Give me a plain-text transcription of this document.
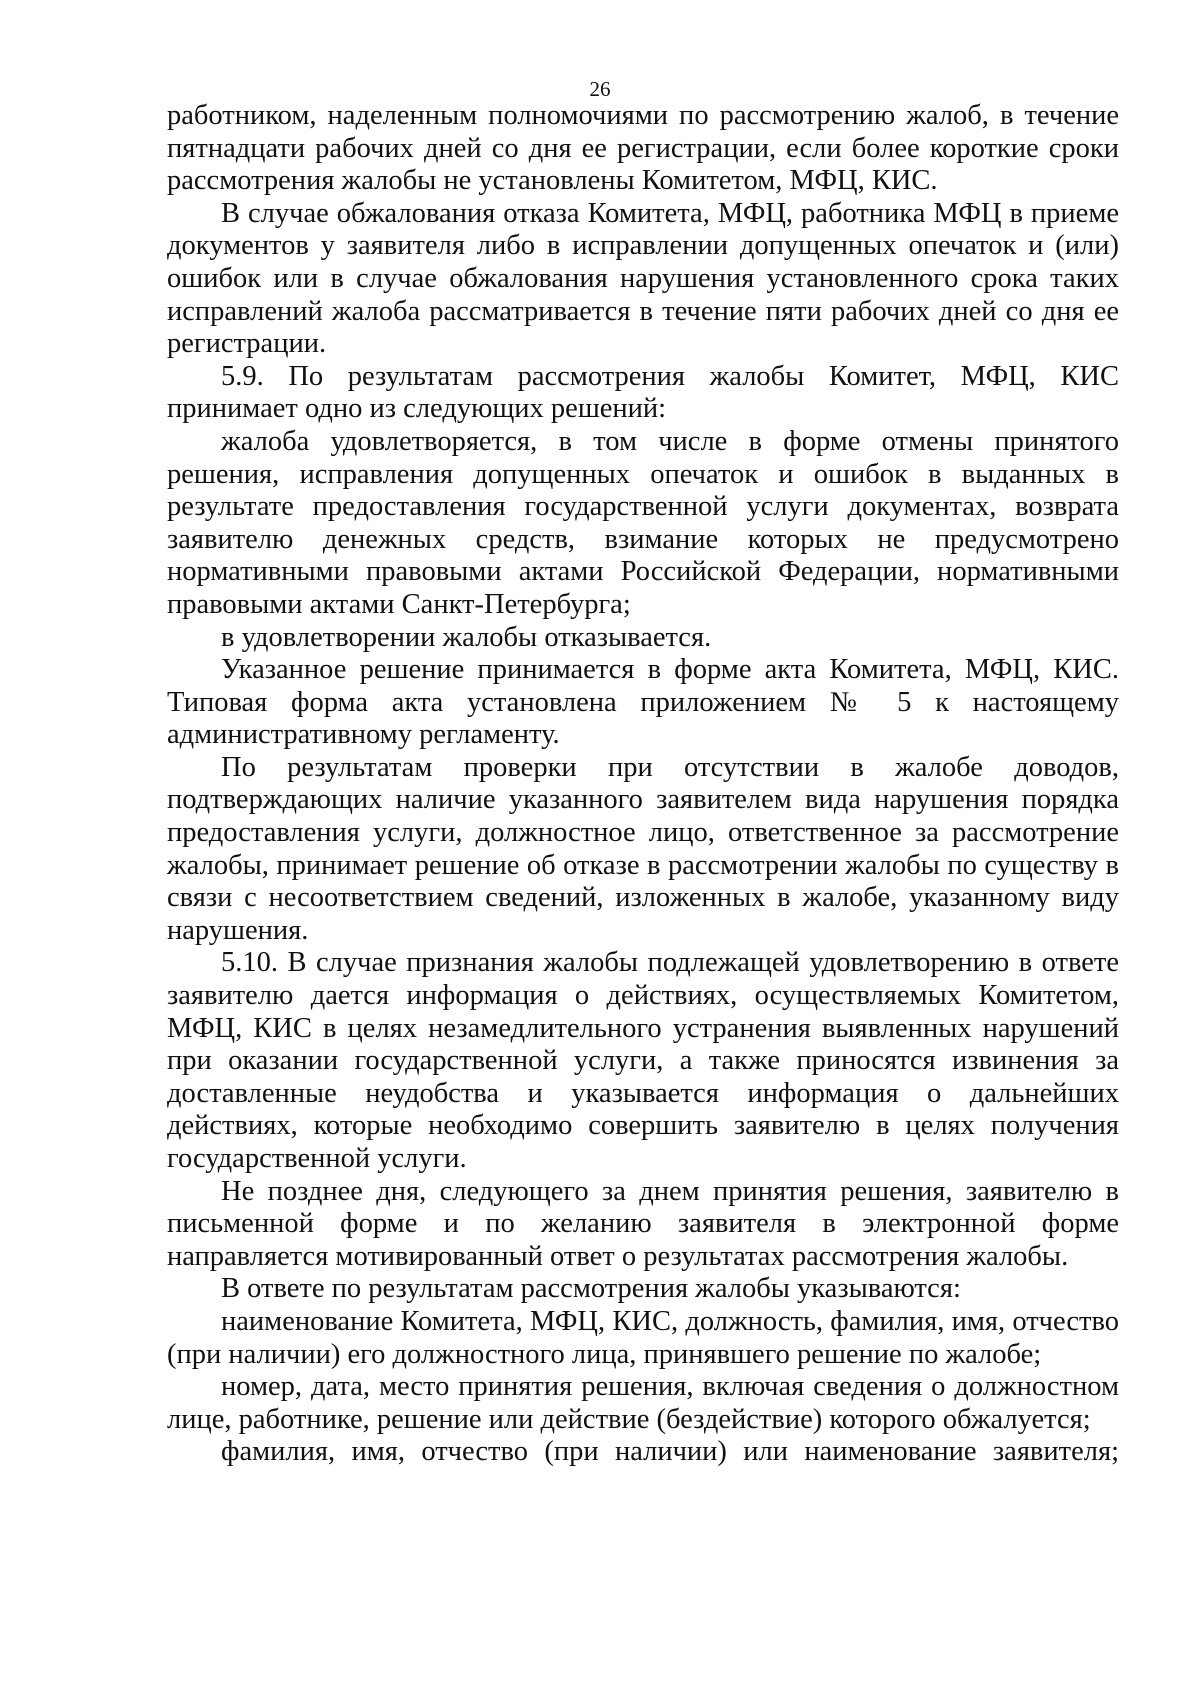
26

работником, наделенным полномочиями по рассмотрению жалоб, в течение пятнадцати рабочих дней со дня ее регистрации, если более короткие сроки рассмотрения жалобы не установлены Комитетом, МФЦ, КИС.

В случае обжалования отказа Комитета, МФЦ, работника МФЦ в приеме документов у заявителя либо в исправлении допущенных опечаток и (или) ошибок или в случае обжалования нарушения установленного срока таких исправлений жалоба рассматривается в течение пяти рабочих дней со дня ее регистрации.

5.9. По результатам рассмотрения жалобы Комитет, МФЦ, КИС принимает одно из следующих решений:

жалоба удовлетворяется, в том числе в форме отмены принятого решения, исправления допущенных опечаток и ошибок в выданных в результате предоставления государственной услуги документах, возврата заявителю денежных средств, взимание которых не предусмотрено нормативными правовыми актами Российской Федерации, нормативными правовыми актами Санкт-Петербурга;

в удовлетворении жалобы отказывается.

Указанное решение принимается в форме акта Комитета, МФЦ, КИС. Типовая форма акта установлена приложением № 5 к настоящему административному регламенту.

По результатам проверки при отсутствии в жалобе доводов, подтверждающих наличие указанного заявителем вида нарушения порядка предоставления услуги, должностное лицо, ответственное за рассмотрение жалобы, принимает решение об отказе в рассмотрении жалобы по существу в связи с несоответствием сведений, изложенных в жалобе, указанному виду нарушения.

5.10. В случае признания жалобы подлежащей удовлетворению в ответе заявителю дается информация о действиях, осуществляемых Комитетом, МФЦ, КИС в целях незамедлительного устранения выявленных нарушений при оказании государственной услуги, а также приносятся извинения за доставленные неудобства и указывается информация о дальнейших действиях, которые необходимо совершить заявителю в целях получения государственной услуги.

Не позднее дня, следующего за днем принятия решения, заявителю в письменной форме и по желанию заявителя в электронной форме направляется мотивированный ответ о результатах рассмотрения жалобы.

В ответе по результатам рассмотрения жалобы указываются:

наименование Комитета, МФЦ, КИС, должность, фамилия, имя, отчество (при наличии) его должностного лица, принявшего решение по жалобе;

номер, дата, место принятия решения, включая сведения о должностном лице, работнике, решение или действие (бездействие) которого обжалуется;

фамилия, имя, отчество (при наличии) или наименование заявителя;
